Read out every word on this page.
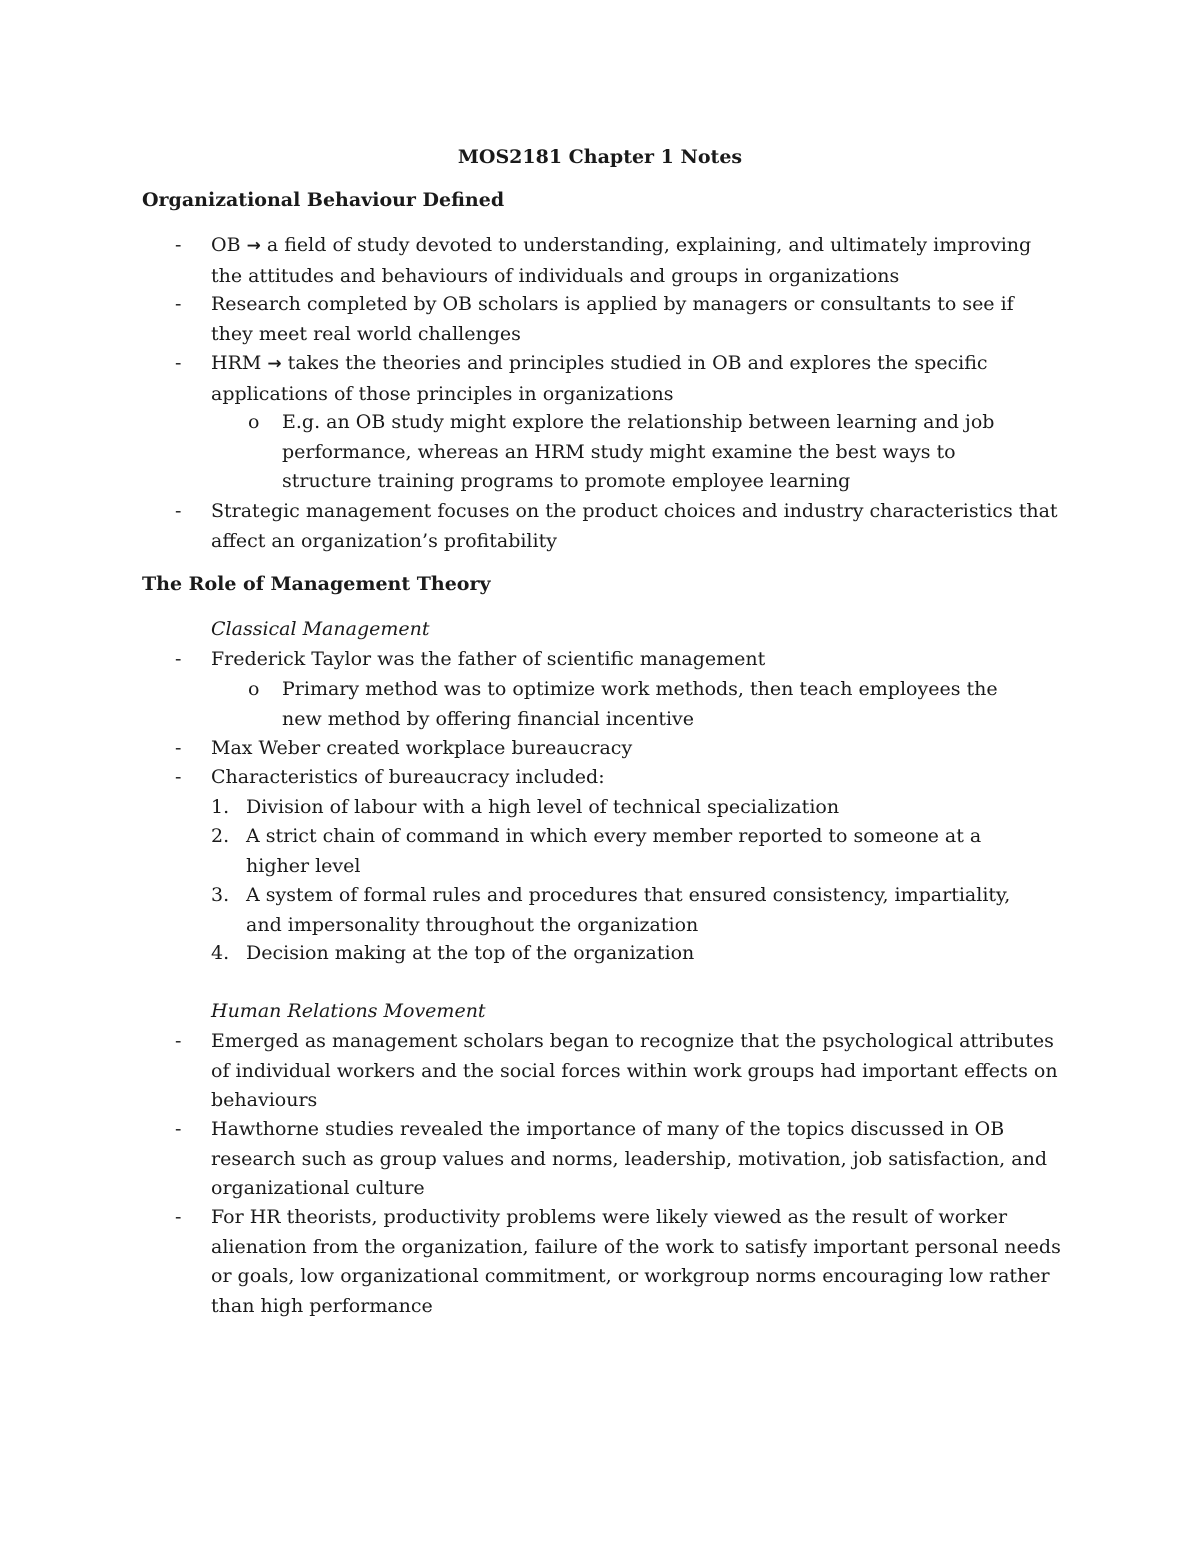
MOS2181 Chapter 1 Notes
Organizational Behaviour Defined
- OB → a field of study devoted to understanding, explaining, and ultimately improving the attitudes and behaviours of individuals and groups in organizations
- Research completed by OB scholars is applied by managers or consultants to see if they meet real world challenges
- HRM → takes the theories and principles studied in OB and explores the specific applications of those principles in organizations
o E.g. an OB study might explore the relationship between learning and job performance, whereas an HRM study might examine the best ways to structure training programs to promote employee learning
- Strategic management focuses on the product choices and industry characteristics that affect an organization’s profitability
The Role of Management Theory
Classical Management
- Frederick Taylor was the father of scientific management
o Primary method was to optimize work methods, then teach employees the new method by offering financial incentive
- Max Weber created workplace bureaucracy
- Characteristics of bureaucracy included:
1. Division of labour with a high level of technical specialization
2. A strict chain of command in which every member reported to someone at a higher level
3. A system of formal rules and procedures that ensured consistency, impartiality, and impersonality throughout the organization
4. Decision making at the top of the organization
Human Relations Movement
- Emerged as management scholars began to recognize that the psychological attributes of individual workers and the social forces within work groups had important effects on behaviours
- Hawthorne studies revealed the importance of many of the topics discussed in OB research such as group values and norms, leadership, motivation, job satisfaction, and organizational culture
- For HR theorists, productivity problems were likely viewed as the result of worker alienation from the organization, failure of the work to satisfy important personal needs or goals, low organizational commitment, or workgroup norms encouraging low rather than high performance
